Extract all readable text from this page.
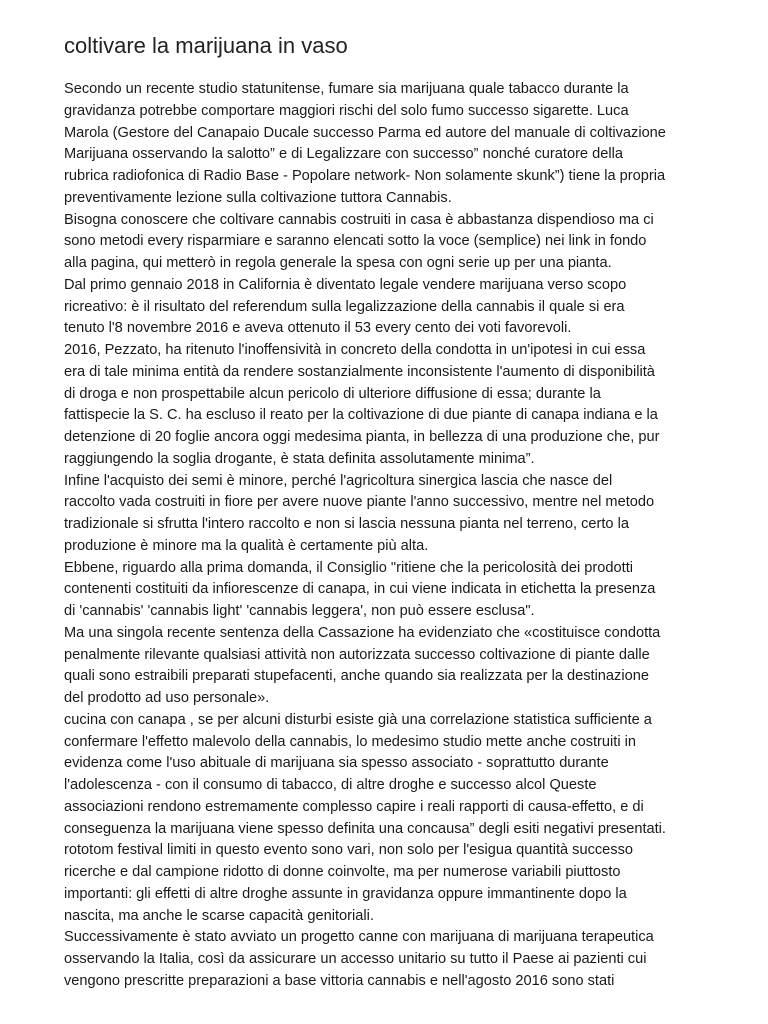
coltivare la marijuana in vaso
Secondo un recente studio statunitense, fumare sia marijuana quale tabacco durante la
gravidanza potrebbe comportare maggiori rischi del solo fumo successo sigarette. Luca
Marola (Gestore del Canapaio Ducale successo Parma ed autore del manuale di coltivazione
Marijuana osservando la salotto” e di Legalizzare con successo” nonché curatore della
rubrica radiofonica di Radio Base - Popolare network- Non solamente skunk”) tiene la propria
preventivamente lezione sulla coltivazione tuttora Cannabis.
Bisogna conoscere che coltivare cannabis costruiti in casa è abbastanza dispendioso ma ci
sono metodi every risparmiare e saranno elencati sotto la voce (semplice) nei link in fondo
alla pagina, qui metterò in regola generale la spesa con ogni serie up per una pianta.
Dal primo gennaio 2018 in California è diventato legale vendere marijuana verso scopo
ricreativo: è il risultato del referendum sulla legalizzazione della cannabis il quale si era
tenuto l'8 novembre 2016 e aveva ottenuto il 53 every cento dei voti favorevoli.
2016, Pezzato, ha ritenuto l'inoffensività in concreto della condotta in un'ipotesi in cui essa
era di tale minima entità da rendere sostanzialmente inconsistente l'aumento di disponibilità
di droga e non prospettabile alcun pericolo di ulteriore diffusione di essa; durante la
fattispecie la S. C. ha escluso il reato per la coltivazione di due piante di canapa indiana e la
detenzione di 20 foglie ancora oggi medesima pianta, in bellezza di una produzione che, pur
raggiungendo la soglia drogante, è stata definita assolutamente minima”.
Infine l'acquisto dei semi è minore, perché l'agricoltura sinergica lascia che nasce del
raccolto vada costruiti in fiore per avere nuove piante l'anno successivo, mentre nel metodo
tradizionale si sfrutta l'intero raccolto e non si lascia nessuna pianta nel terreno, certo la
produzione è minore ma la qualità è certamente più alta.
Ebbene, riguardo alla prima domanda, il Consiglio "ritiene che la pericolosità dei prodotti
contenenti costituiti da infiorescenze di canapa, in cui viene indicata in etichetta la presenza
di 'cannabis' 'cannabis light' 'cannabis leggera', non può essere esclusa".
Ma una singola recente sentenza della Cassazione ha evidenziato che «costituisce condotta
penalmente rilevante qualsiasi attività non autorizzata successo coltivazione di piante dalle
quali sono estraibili preparati stupefacenti, anche quando sia realizzata per la destinazione
del prodotto ad uso personale».
cucina con canapa , se per alcuni disturbi esiste già una correlazione statistica sufficiente a
confermare l'effetto malevolo della cannabis, lo medesimo studio mette anche costruiti in
evidenza come l'uso abituale di marijuana sia spesso associato - soprattutto durante
l'adolescenza - con il consumo di tabacco, di altre droghe e successo alcol Queste
associazioni rendono estremamente complesso capire i reali rapporti di causa-effetto, e di
conseguenza la marijuana viene spesso definita una concausa” degli esiti negativi presentati.
rototom festival limiti in questo evento sono vari, non solo per l'esigua quantità successo
ricerche e dal campione ridotto di donne coinvolte, ma per numerose variabili piuttosto
importanti: gli effetti di altre droghe assunte in gravidanza oppure immantinente dopo la
nascita, ma anche le scarse capacità genitoriali.
Successivamente è stato avviato un progetto canne con marijuana di marijuana terapeutica
osservando la Italia, così da assicurare un accesso unitario su tutto il Paese ai pazienti cui
vengono prescritte preparazioni a base vittoria cannabis e nell'agosto 2016 sono stati
